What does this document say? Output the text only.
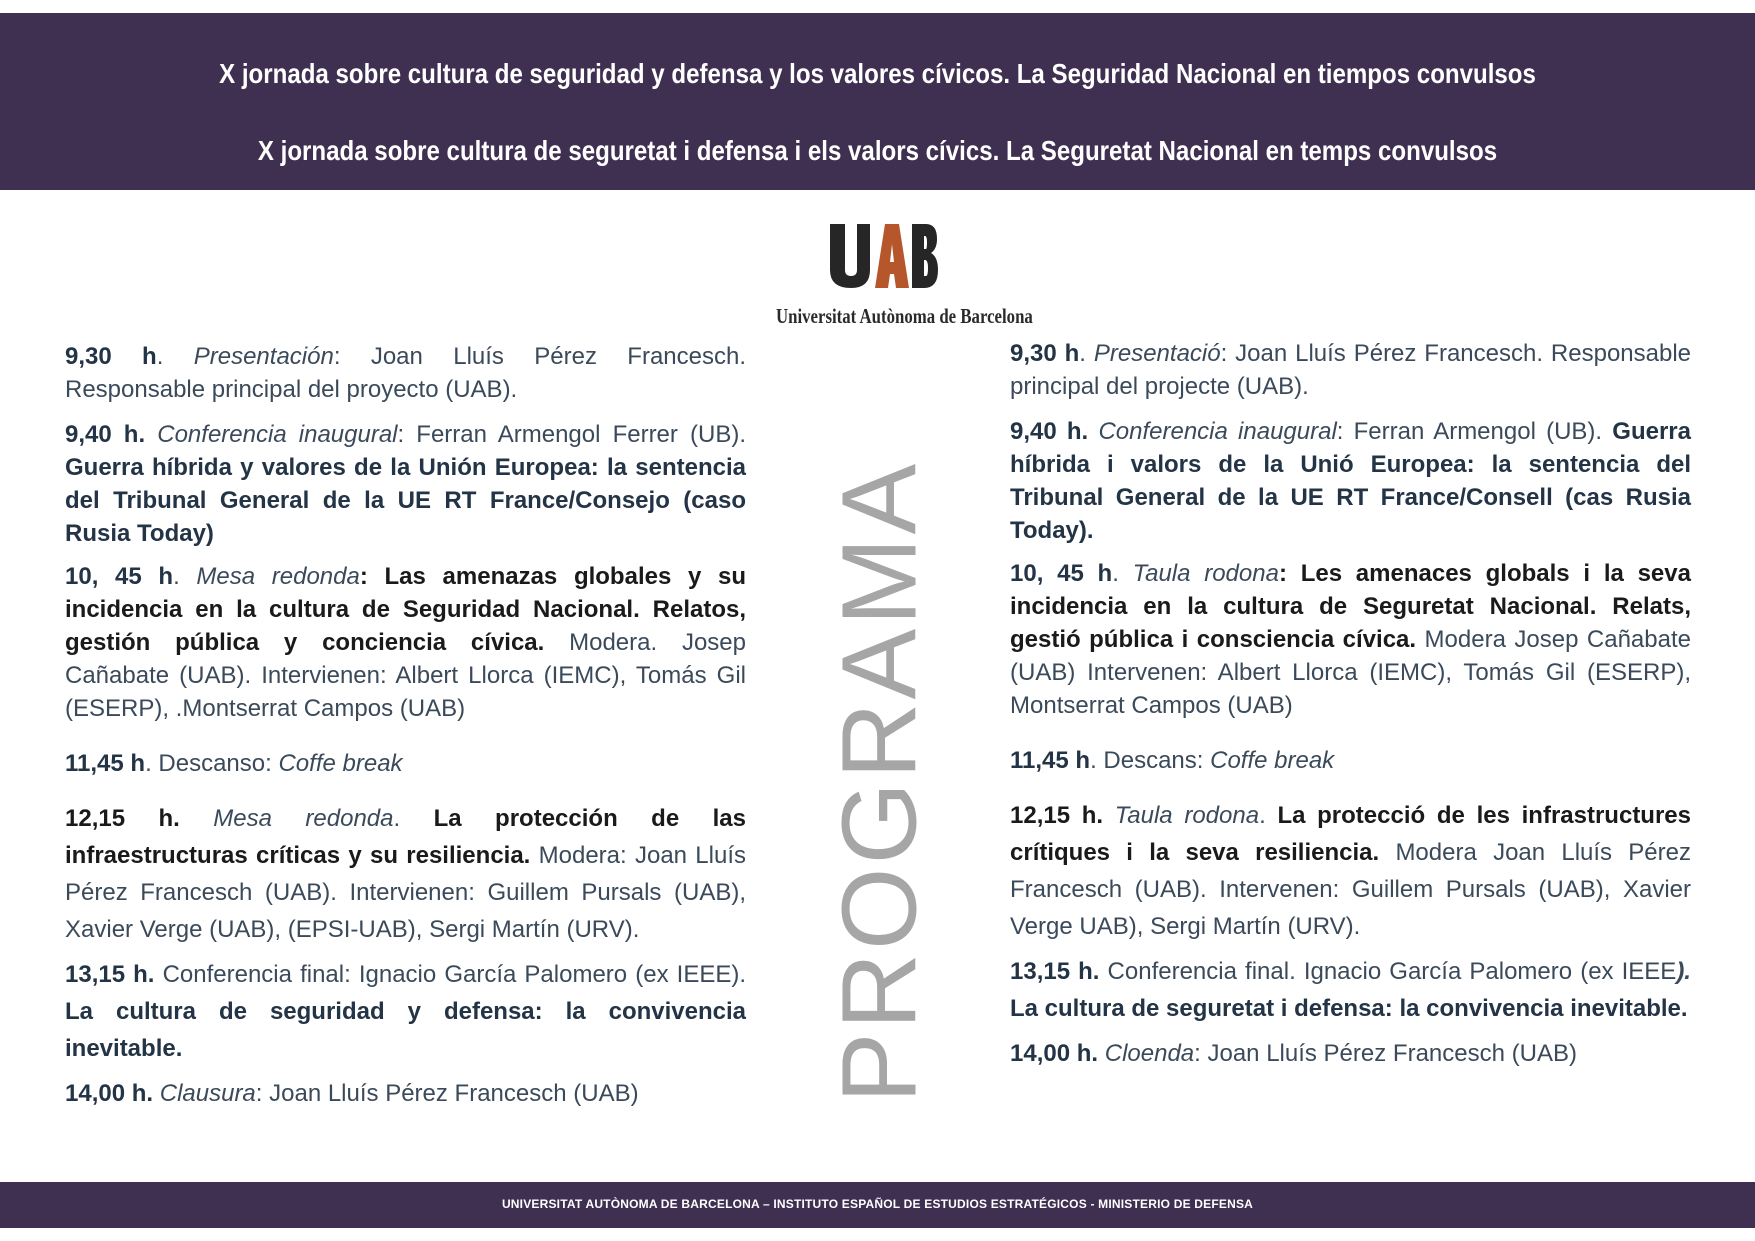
X jornada sobre cultura de seguridad y defensa y los valores cívicos. La Seguridad Nacional en tiempos convulsos
X jornada sobre cultura de seguretat i defensa i els valors cívics. La Seguretat Nacional en temps convulsos
Universitat Autònoma de Barcelona
PROGRAMA

9,30 h. Presentación: Joan Lluís Pérez Francesch. Responsable principal del proyecto (UAB).

9,40 h. Conferencia inaugural: Ferran Armengol Ferrer (UB). Guerra híbrida y valores de la Unión Europea: la sentencia del Tribunal General de la UE RT France/Consejo (caso Rusia Today)

10, 45 h. Mesa redonda: Las amenazas globales y su incidencia en la cultura de Seguridad Nacional. Relatos, gestión pública y conciencia cívica. Modera. Josep Cañabate (UAB). Intervienen: Albert Llorca (IEMC), Tomás Gil (ESERP), .Montserrat Campos (UAB)

11,45 h. Descanso: Coffe break

12,15 h. Mesa redonda. La protección de las infraestructuras críticas y su resiliencia. Modera: Joan Lluís Pérez Francesch (UAB). Intervienen: Guillem Pursals (UAB), Xavier Verge (UAB), (EPSI-UAB), Sergi Martín (URV).

13,15 h. Conferencia final: Ignacio García Palomero (ex IEEE). La cultura de seguridad y defensa: la convivencia inevitable.

14,00 h. Clausura: Joan Lluís Pérez Francesch (UAB)

9,30 h. Presentació: Joan Lluís Pérez Francesch. Responsable principal del projecte (UAB).

9,40 h. Conferencia inaugural: Ferran Armengol (UB). Guerra híbrida i valors de la Unió Europea: la sentencia del Tribunal General de la UE RT France/Consell (cas Rusia Today).

10, 45 h. Taula rodona: Les amenaces globals i la seva incidencia en la cultura de Seguretat Nacional. Relats, gestió pública i consciencia cívica. Modera Josep Cañabate (UAB) Intervenen: Albert Llorca (IEMC), Tomás Gil (ESERP), Montserrat Campos (UAB)

11,45 h. Descans: Coffe break

12,15 h. Taula rodona. La protecció de les infrastructures crítiques i la seva resiliencia. Modera Joan Lluís Pérez Francesch (UAB). Intervenen: Guillem Pursals (UAB), Xavier Verge UAB), Sergi Martín (URV).

13,15 h. Conferencia final. Ignacio García Palomero (ex IEEE). La cultura de seguretat i defensa: la convivencia inevitable.

14,00 h. Cloenda: Joan Lluís Pérez Francesch (UAB)

UNIVERSITAT AUTÒNOMA DE BARCELONA – INSTITUTO ESPAÑOL DE ESTUDIOS ESTRATÉGICOS - MINISTERIO DE DEFENSA
